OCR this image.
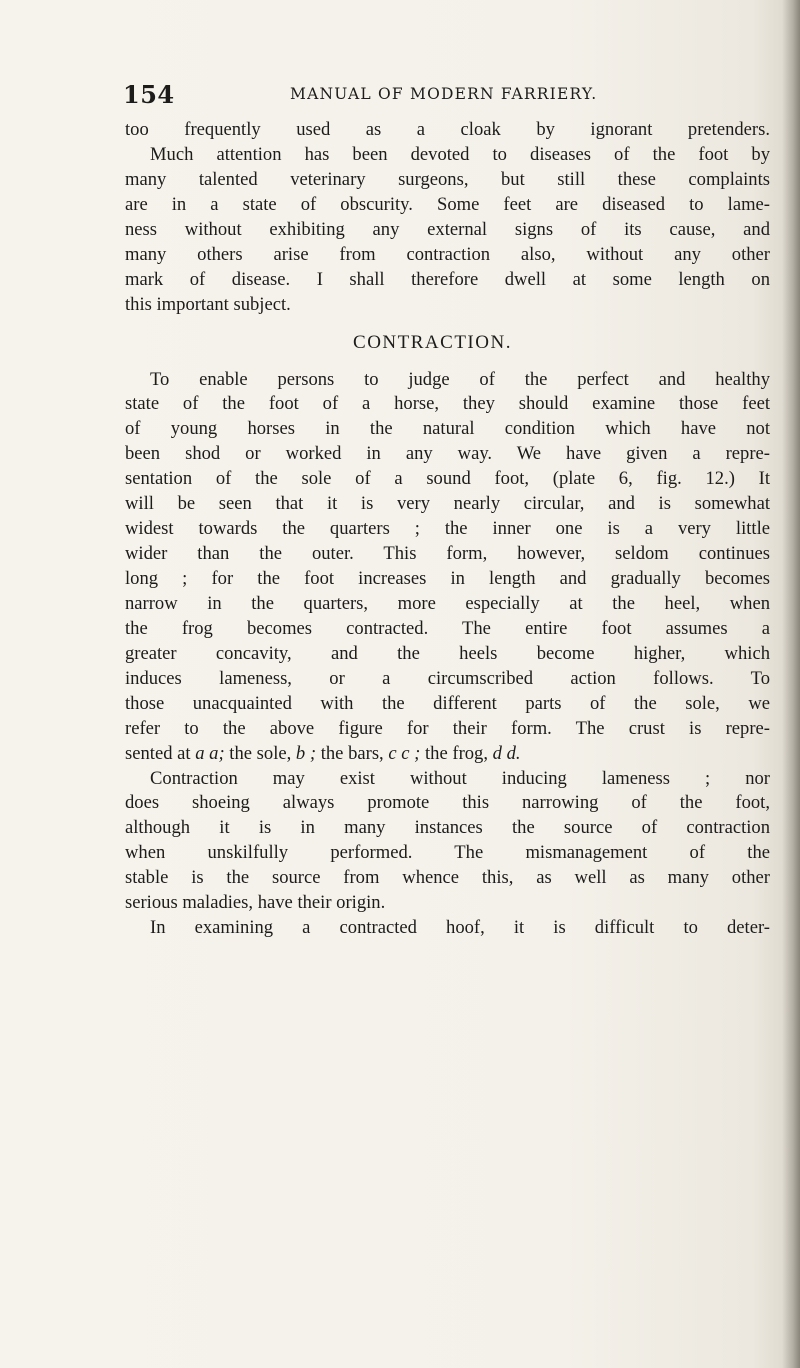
154	MANUAL OF MODERN FARRIERY.
too frequently used as a cloak by ignorant pretenders.
Much attention has been devoted to diseases of the foot by
many talented veterinary surgeons, but still these complaints
are in a state of obscurity. Some feet are diseased to lame-
ness without exhibiting any external signs of its cause, and
many others arise from contraction also, without any other
mark of disease. I shall therefore dwell at some length on
this important subject.
CONTRACTION.
To enable persons to judge of the perfect and healthy
state of the foot of a horse, they should examine those feet
of young horses in the natural condition which have not
been shod or worked in any way. We have given a repre-
sentation of the sole of a sound foot, (plate 6, fig. 12.) It
will be seen that it is very nearly circular, and is somewhat
widest towards the quarters ; the inner one is a very little
wider than the outer. This form, however, seldom continues
long ; for the foot increases in length and gradually becomes
narrow in the quarters, more especially at the heel, when
the frog becomes contracted. The entire foot assumes a
greater concavity, and the heels become higher, which
induces lameness, or a circumscribed action follows. To
those unacquainted with the different parts of the sole, we
refer to the above figure for their form. The crust is repre-
sented at a a; the sole, b ; the bars, c c ; the frog, d d.
Contraction may exist without inducing lameness ; nor
does shoeing always promote this narrowing of the foot,
although it is in many instances the source of contraction
when unskilfully performed. The mismanagement of the
stable is the source from whence this, as well as many other
serious maladies, have their origin.
In examining a contracted hoof, it is difficult to deter-
